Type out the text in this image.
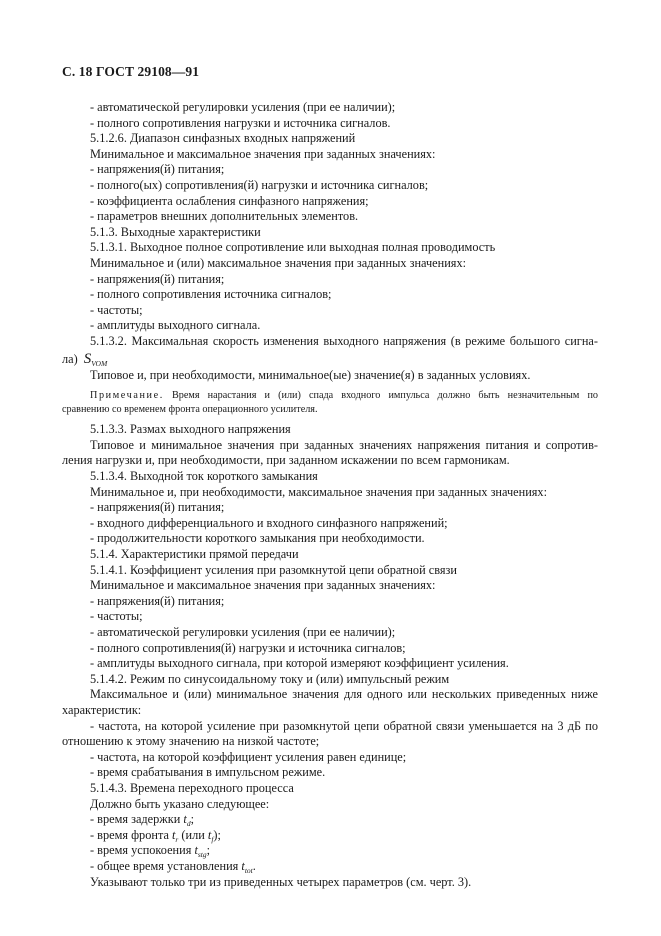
С. 18 ГОСТ 29108—91
- автоматической регулировки усиления (при ее наличии);
- полного сопротивления нагрузки и источника сигналов.
5.1.2.6. Диапазон синфазных входных напряжений
Минимальное и максимальное значения при заданных значениях:
- напряжения(й) питания;
- полного(ых) сопротивления(й) нагрузки и источника сигналов;
- коэффициента ослабления синфазного напряжения;
- параметров внешних дополнительных элементов.
5.1.3. Выходные характеристики
5.1.3.1. Выходное полное сопротивление или выходная полная проводимость
Минимальное и (или) максимальное значения при заданных значениях:
- напряжения(й) питания;
- полного сопротивления источника сигналов;
- частоты;
- амплитуды выходного сигнала.
5.1.3.2. Максимальная скорость изменения выходного напряжения (в режиме большого сигна-
ла) $S_{VOM}$
Типовое и, при необходимости, минимальное(ые) значение(я) в заданных условиях.
Примечание. Время нарастания и (или) спада входного импульса должно быть незначительным по
сравнению со временем фронта операционного усилителя.
5.1.3.3. Размах выходного напряжения
Типовое и минимальное значения при заданных значениях напряжения питания и сопротив-
ления нагрузки и, при необходимости, при заданном искажении по всем гармоникам.
5.1.3.4. Выходной ток короткого замыкания
Минимальное и, при необходимости, максимальное значения при заданных значениях:
- напряжения(й) питания;
- входного дифференциального и входного синфазного напряжений;
- продолжительности короткого замыкания при необходимости.
5.1.4. Характеристики прямой передачи
5.1.4.1. Коэффициент усиления при разомкнутой цепи обратной связи
Минимальное и максимальное значения при заданных значениях:
- напряжения(й) питания;
- частоты;
- автоматической регулировки усиления (при ее наличии);
- полного сопротивления(й) нагрузки и источника сигналов;
- амплитуды выходного сигнала, при которой измеряют коэффициент усиления.
5.1.4.2. Режим по синусоидальному току и (или) импульсный режим
Максимальное и (или) минимальное значения для одного или нескольких приведенных ниже
характеристик:
- частота, на которой усиление при разомкнутой цепи обратной связи уменьшается на 3 дБ по
отношению к этому значению на низкой частоте;
- частота, на которой коэффициент усиления равен единице;
- время срабатывания в импульсном режиме.
5.1.4.3. Времена переходного процесса
Должно быть указано следующее:
- время задержки $t_d$;
- время фронта $t_r$ (или $t_f$);
- время успокоения $t_{stg}$;
- общее время установления $t_{tot}$.
Указывают только три из приведенных четырех параметров (см. черт. 3).
